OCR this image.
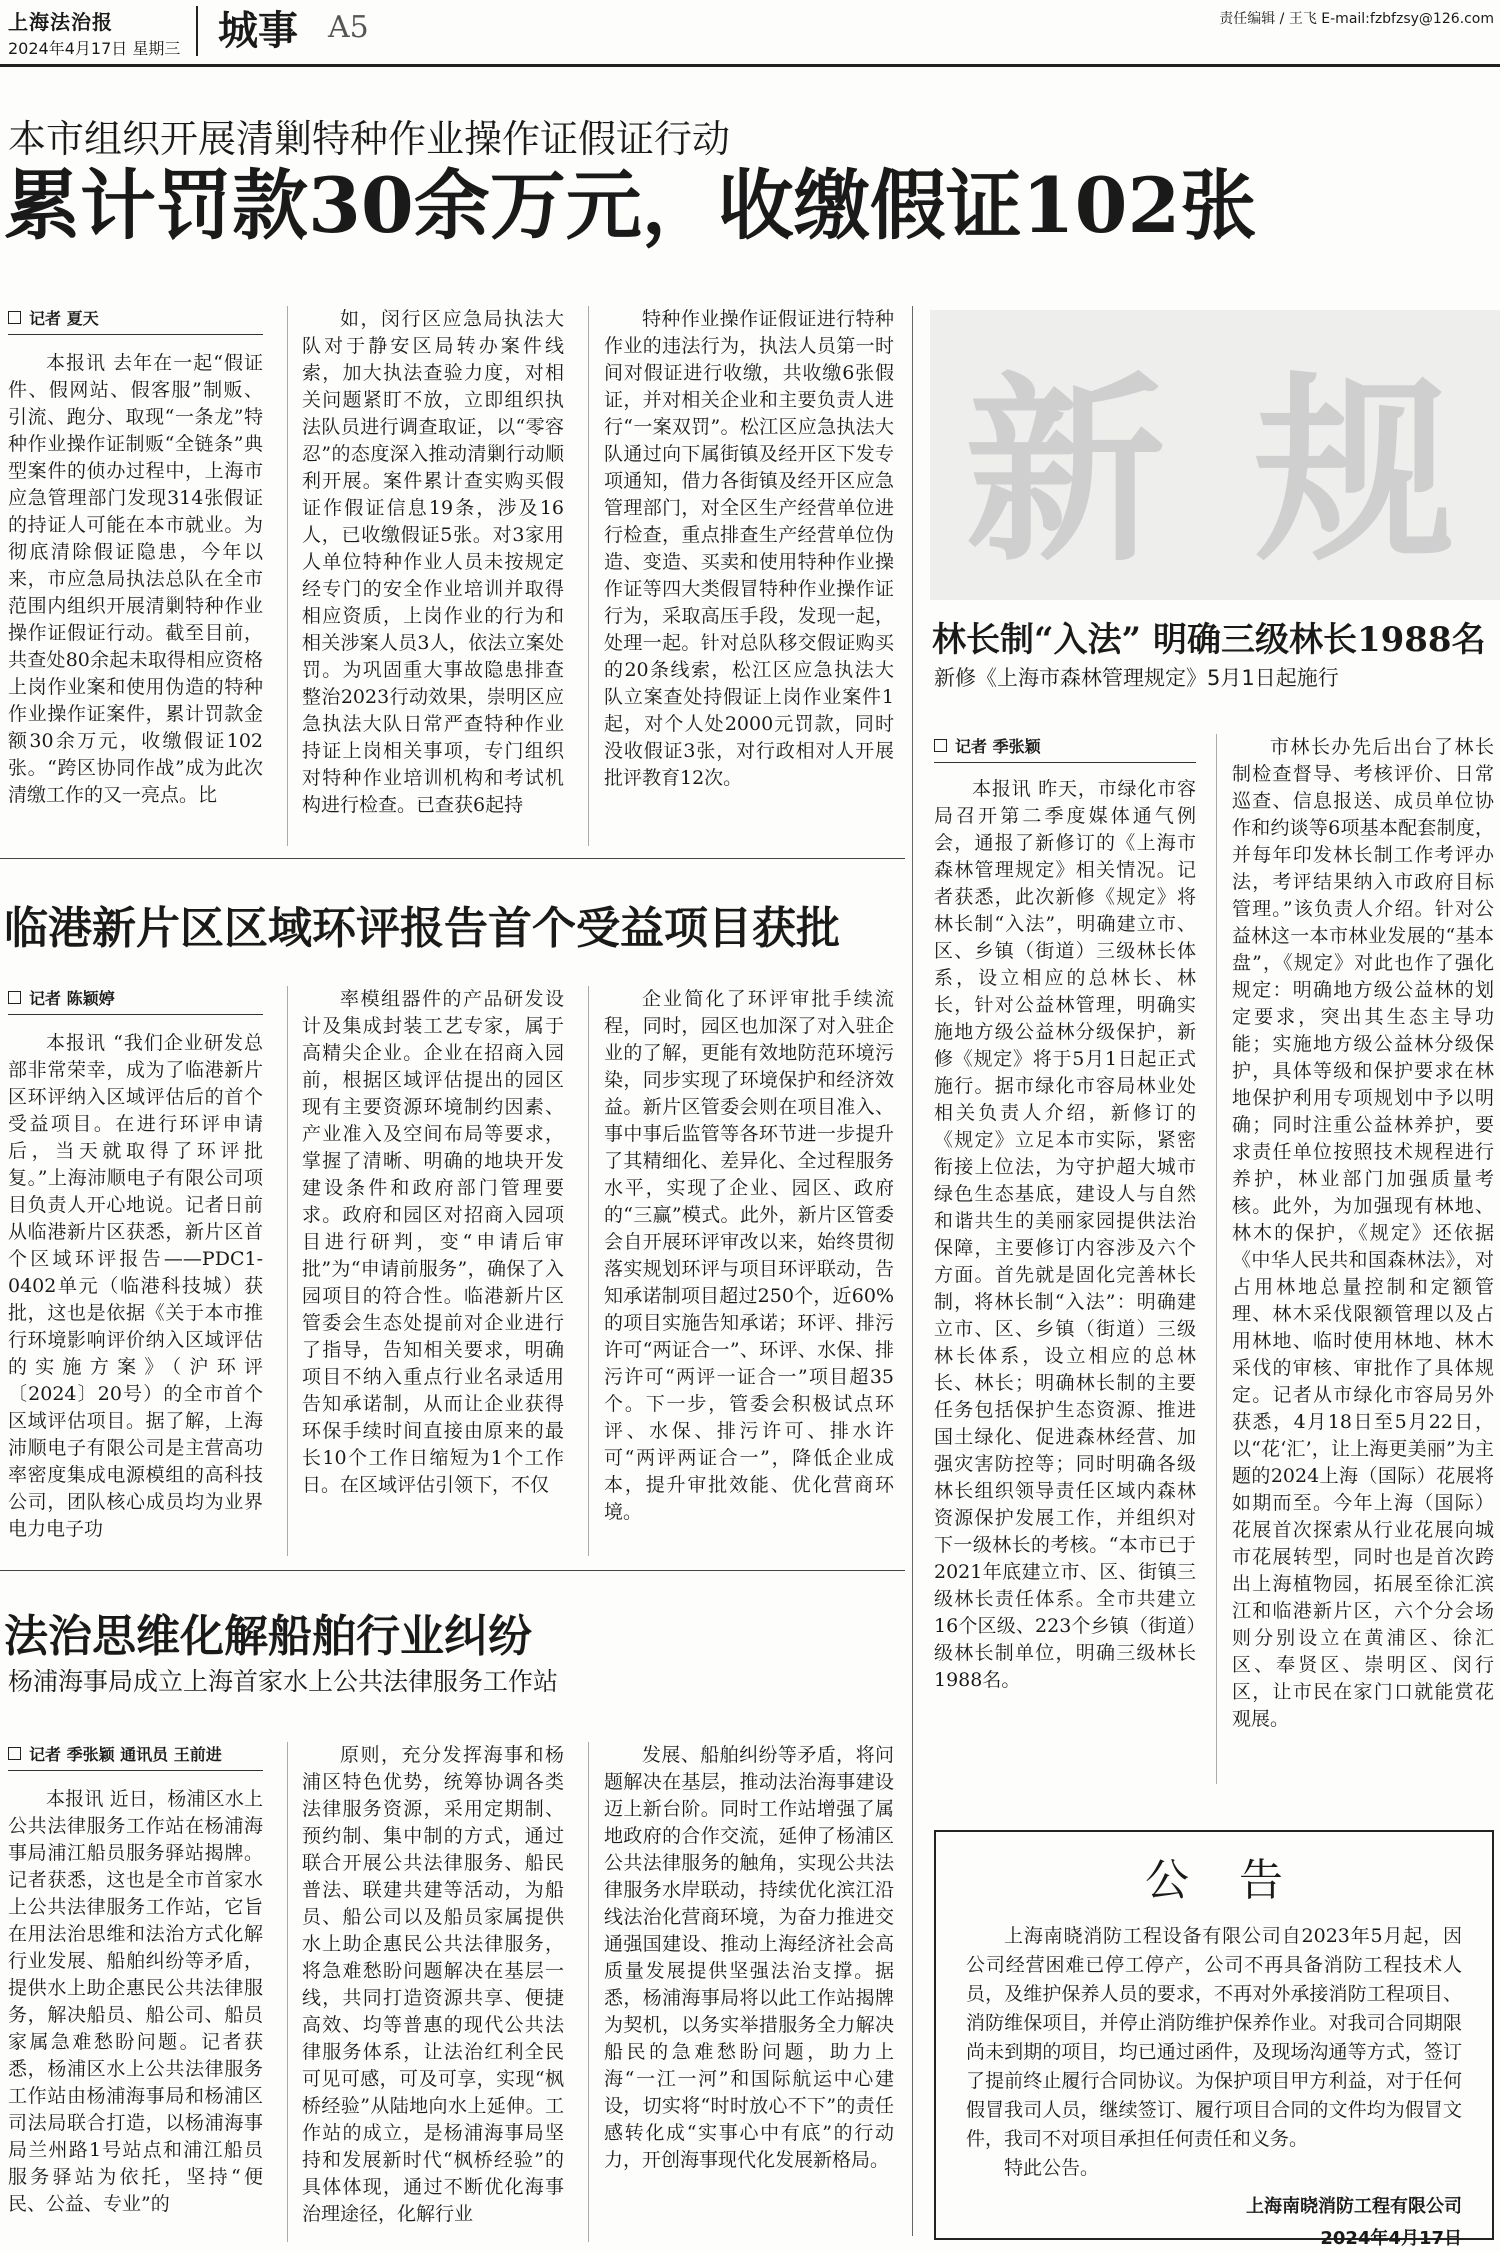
上海法治报
2024年4月17日 星期三 城事 A5	责任编辑 / 王飞 E-mail:fzbfzsy@126.com
本市组织开展清剿特种作业操作证假证行动
累计罚款30余万元，收缴假证102张
记者 夏天

本报讯 去年在一起“假证件、假网站、假客服”制贩、引流、跑分、取现“一条龙”特种作业操作证制贩“全链条”典型案件的侦办过程中，上海市应急管理部门发现314张假证的持证人可能在本市就业。为彻底清除假证隐患，今年以来，市应急局执法总队在全市范围内组织开展清剿特种作业操作证假证行动。截至目前，共查处80余起未取得相应资格上岗作业案和使用伪造的特种作业操作证案件，累计罚款金额30余万元，收缴假证102张。“跨区协同作战”成为此次清缴工作的又一亮点。比

如，闵行区应急局执法大队对于静安区局转办案件线索，加大执法查验力度，对相关问题紧盯不放，立即组织执法队员进行调查取证，以“零容忍”的态度深入推动清剿行动顺利开展。案件累计查实购买假证作假证信息19条，涉及16人，已收缴假证5张。对3家用人单位特种作业人员未按规定经专门的安全作业培训并取得相应资质，上岗作业的行为和相关涉案人员3人，依法立案处罚。为巩固重大事故隐患排查整治2023行动效果，崇明区应急执法大队日常严查特种作业持证上岗相关事项，专门组织对特种作业培训机构和考试机构进行检查。已查获6起持

特种作业操作证假证进行特种作业的违法行为，执法人员第一时间对假证进行收缴，共收缴6张假证，并对相关企业和主要负责人进行“一案双罚”。松江区应急执法大队通过向下属街镇及经开区下发专项通知，借力各街镇及经开区应急管理部门，对全区生产经营单位进行检查，重点排查生产经营单位伪造、变造、买卖和使用特种作业操作证等四大类假冒特种作业操作证行为，采取高压手段，发现一起，处理一起。针对总队移交假证购买的20条线索，松江区应急执法大队立案查处持假证上岗作业案件1起，对个人处2000元罚款，同时没收假证3张，对行政相对人开展批评教育12次。

临港新片区区域环评报告首个受益项目获批
记者 陈颖婷

本报讯 “我们企业研发总部非常荣幸，成为了临港新片区环评纳入区域评估后的首个受益项目。在进行环评申请后，当天就取得了环评批复。”上海沛顺电子有限公司项目负责人开心地说。记者日前从临港新片区获悉，新片区首个区域环评报告——PDC1-0402单元（临港科技城）获批，这也是依据《关于本市推行环境影响评价纳入区域评估的实施方案》（沪环评〔2024〕20号）的全市首个区域评估项目。据了解，上海沛顺电子有限公司是主营高功率密度集成电源模组的高科技公司，团队核心成员均为业界电力电子功

率模组器件的产品研发设计及集成封装工艺专家，属于高精尖企业。企业在招商入园前，根据区域评估提出的园区现有主要资源环境制约因素、产业准入及空间布局等要求，掌握了清晰、明确的地块开发建设条件和政府部门管理要求。政府和园区对招商入园项目进行研判，变“申请后审批”为“申请前服务”，确保了入园项目的符合性。临港新片区管委会生态处提前对企业进行了指导，告知相关要求，明确项目不纳入重点行业名录适用告知承诺制，从而让企业获得环保手续时间直接由原来的最长10个工作日缩短为1个工作日。在区域评估引领下，不仅

企业简化了环评审批手续流程，同时，园区也加深了对入驻企业的了解，更能有效地防范环境污染，同步实现了环境保护和经济效益。新片区管委会则在项目准入、事中事后监管等各环节进一步提升了其精细化、差异化、全过程服务水平，实现了企业、园区、政府的“三赢”模式。此外，新片区管委会自开展环评审改以来，始终贯彻落实规划环评与项目环评联动，告知承诺制项目超过250个，近60%的项目实施告知承诺；环评、排污许可“两证合一”、环评、水保、排污许可“两评一证合一”项目超35个。下一步，管委会积极试点环评、水保、排污许可、排水许可“两评两证合一”，降低企业成本，提升审批效能、优化营商环境。

法治思维化解船舶行业纠纷
杨浦海事局成立上海首家水上公共法律服务工作站
记者 季张颖 通讯员 王前进

本报讯 近日，杨浦区水上公共法律服务工作站在杨浦海事局浦江船员服务驿站揭牌。记者获悉，这也是全市首家水上公共法律服务工作站，它旨在用法治思维和法治方式化解行业发展、船舶纠纷等矛盾，提供水上助企惠民公共法律服务，解决船员、船公司、船员家属急难愁盼问题。记者获悉，杨浦区水上公共法律服务工作站由杨浦海事局和杨浦区司法局联合打造，以杨浦海事局兰州路1号站点和浦江船员服务驿站为依托，坚持“便民、公益、专业”的

原则，充分发挥海事和杨浦区特色优势，统筹协调各类法律服务资源，采用定期制、预约制、集中制的方式，通过联合开展公共法律服务、船民普法、联建共建等活动，为船员、船公司以及船员家属提供水上助企惠民公共法律服务，将急难愁盼问题解决在基层一线，共同打造资源共享、便捷高效、均等普惠的现代公共法律服务体系，让法治红利全民可见可感，可及可享，实现“枫桥经验”从陆地向水上延伸。工作站的成立，是杨浦海事局坚持和发展新时代“枫桥经验”的具体体现，通过不断优化海事治理途径，化解行业

发展、船舶纠纷等矛盾，将问题解决在基层，推动法治海事建设迈上新台阶。同时工作站增强了属地政府的合作交流，延伸了杨浦区公共法律服务的触角，实现公共法律服务水岸联动，持续优化滨江沿线法治化营商环境，为奋力推进交通强国建设、推动上海经济社会高质量发展提供坚强法治支撑。据悉，杨浦海事局将以此工作站揭牌为契机，以务实举措服务全力解决船民的急难愁盼问题，助力上海“一江一河”和国际航运中心建设，切实将“时时放心不下”的责任感转化成“实事心中有底”的行动力，开创海事现代化发展新格局。

新 规
林长制“入法” 明确三级林长1988名
新修《上海市森林管理规定》5月1日起施行
记者 季张颖

本报讯 昨天，市绿化市容局召开第二季度媒体通气例会，通报了新修订的《上海市森林管理规定》相关情况。记者获悉，此次新修《规定》将林长制“入法”，明确建立市、区、乡镇（街道）三级林长体系，设立相应的总林长、林长，针对公益林管理，明确实施地方级公益林分级保护，新修《规定》将于5月1日起正式施行。据市绿化市容局林业处相关负责人介绍，新修订的《规定》立足本市实际，紧密衔接上位法，为守护超大城市绿色生态基底，建设人与自然和谐共生的美丽家园提供法治保障，主要修订内容涉及六个方面。首先就是固化完善林长制，将林长制“入法”：明确建立市、区、乡镇（街道）三级林长体系，设立相应的总林长、林长；明确林长制的主要任务包括保护生态资源、推进国土绿化、促进森林经营、加强灾害防控等；同时明确各级林长组织领导责任区域内森林资源保护发展工作，并组织对下一级林长的考核。“本市已于2021年底建立市、区、街镇三级林长责任体系。全市共建立16个区级、223个乡镇（街道）级林长制单位，明确三级林长1988名。

市林长办先后出台了林长制检查督导、考核评价、日常巡查、信息报送、成员单位协作和约谈等6项基本配套制度，并每年印发林长制工作考评办法，考评结果纳入市政府目标管理。”该负责人介绍。针对公益林这一本市林业发展的“基本盘”，《规定》对此也作了强化规定：明确地方级公益林的划定要求，突出其生态主导功能；实施地方级公益林分级保护，具体等级和保护要求在林地保护利用专项规划中予以明确；同时注重公益林养护，要求责任单位按照技术规程进行养护，林业部门加强质量考核。此外，为加强现有林地、林木的保护，《规定》还依据《中华人民共和国森林法》，对占用林地总量控制和定额管理、林木采伐限额管理以及占用林地、临时使用林地、林木采伐的审核、审批作了具体规定。记者从市绿化市容局另外获悉，4月18日至5月22日，以“花‘汇’，让上海更美丽”为主题的2024上海（国际）花展将如期而至。今年上海（国际）花展首次探索从行业花展向城市花展转型，同时也是首次跨出上海植物园，拓展至徐汇滨江和临港新片区，六个分会场则分别设立在黄浦区、徐汇区、奉贤区、崇明区、闵行区，让市民在家门口就能赏花观展。

公告

上海南晓消防工程设备有限公司自2023年5月起，因公司经营困难已停工停产，公司不再具备消防工程技术人员，及维护保养人员的要求，不再对外承接消防工程项目、消防维保项目，并停止消防维护保养作业。对我司合同期限尚未到期的项目，均已通过函件，及现场沟通等方式，签订了提前终止履行合同协议。为保护项目甲方利益，对于任何假冒我司人员，继续签订、履行项目合同的文件均为假冒文件，我司不对项目承担任何责任和义务。

特此公告。

上海南晓消防工程有限公司
2024年4月17日
